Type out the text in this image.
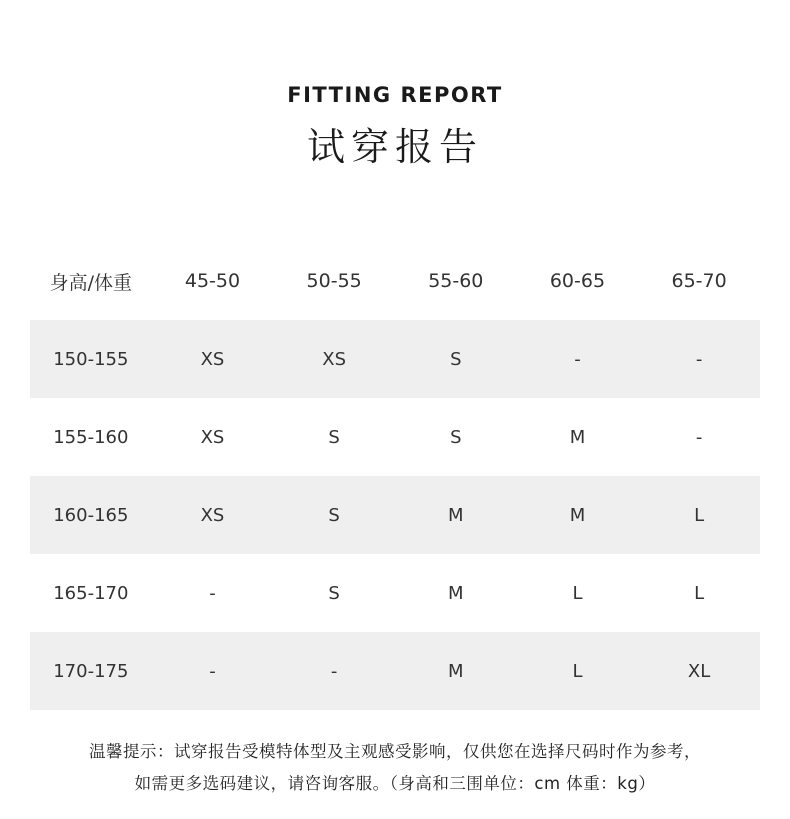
FITTING REPORT
试穿报告
身高/体重	45-50	50-55	55-60	60-65	65-70
150-155	XS	XS	S	-	-
155-160	XS	S	S	M	-
160-165	XS	S	M	M	L
165-170	-	S	M	L	L
170-175	-	-	M	L	XL
温馨提示：试穿报告受模特体型及主观感受影响，仅供您在选择尺码时作为参考，
如需更多选码建议，请咨询客服。（身高和三围单位：cm 体重：kg）
